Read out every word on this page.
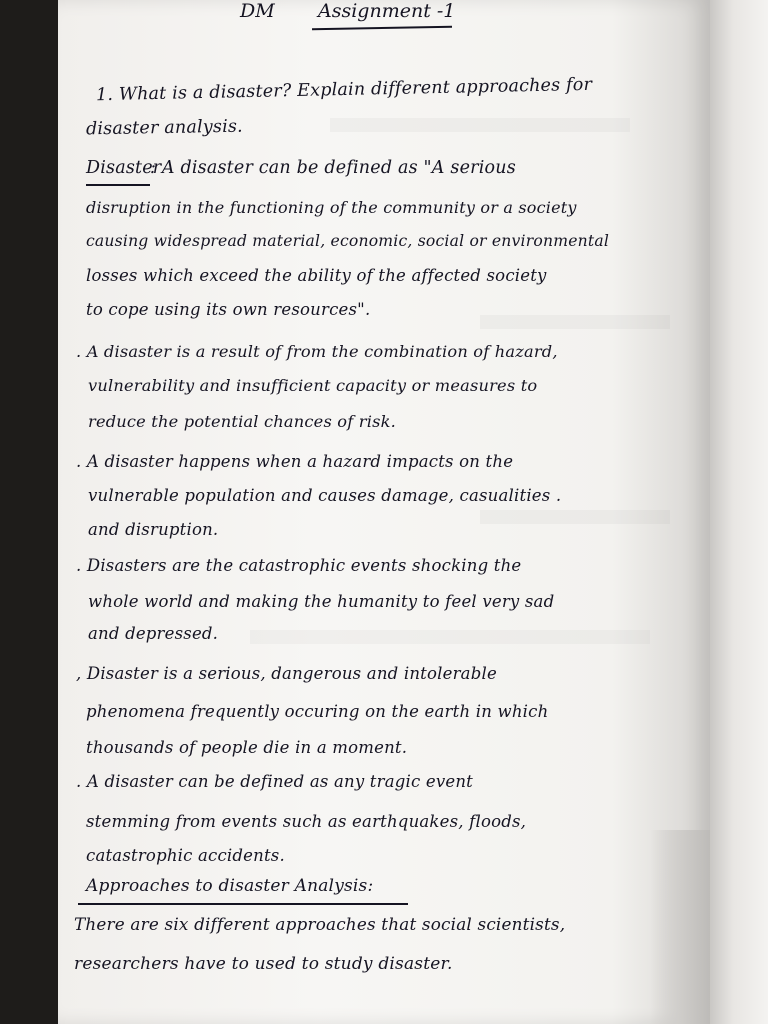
DM Assignment -1
1. What is a disaster? Explain different approaches for
disaster analysis.
Disaster
: A disaster can be defined as "A serious
disruption in the functioning of the community or a society
causing widespread material, economic, social or environmental
losses which exceed the ability of the affected society
to cope using its own resources".
. A disaster is a result of from the combination of hazard,
vulnerability and insufficient capacity or measures to
reduce the potential chances of risk.
. A disaster happens when a hazard impacts on the
vulnerable population and causes damage, casualities .
and disruption.
. Disasters are the catastrophic events shocking the
whole world and making the humanity to feel very sad
and depressed.
, Disaster is a serious, dangerous and intolerable
phenomena frequently occuring on the earth in which
thousands of people die in a moment.
. A disaster can be defined as any tragic event
stemming from events such as earthquakes, floods,
catastrophic accidents.
Approaches to disaster Analysis:
There are six different approaches that social scientists,
researchers have to used to study disaster.
